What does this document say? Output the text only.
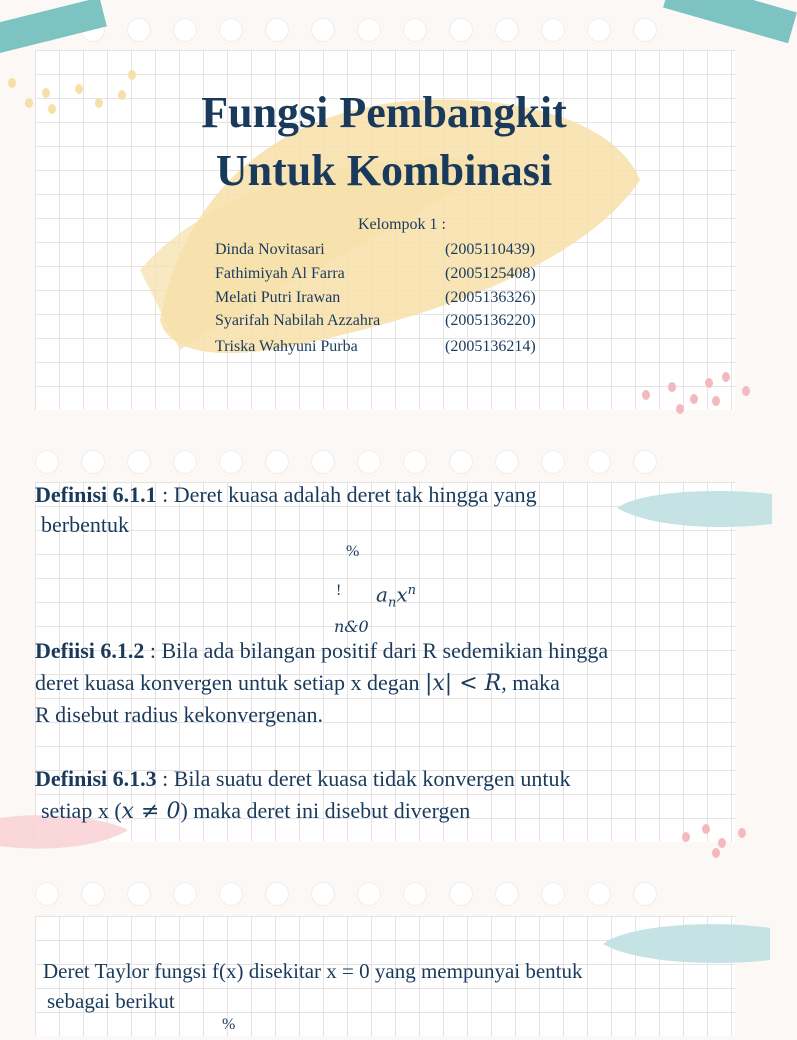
Fungsi Pembangkit
Untuk Kombinasi
Kelompok 1 :
Dinda Novitasari	(2005110439)
Fathimiyah Al Farra	(2005125408)
Melati Putri Irawan	(2005136326)
Syarifah Nabilah Azzahra	(2005136220)
Triska Wahyuni Purba	(2005136214)
Definisi 6.1.1 : Deret kuasa adalah deret tak hingga yang
berbentuk
%
! $a_nx^n$
n&0
Defiisi 6.1.2 : Bila ada bilangan positif dari R sedemikian hingga
deret kuasa konvergen untuk setiap x degan |x| < R, maka
R disebut radius kekonvergenan.
Definisi 6.1.3 : Bila suatu deret kuasa tidak konvergen untuk
setiap x (x ≠ 0) maka deret ini disebut divergen
Deret Taylor fungsi f(x) disekitar x = 0 yang mempunyai bentuk
sebagai berikut
%
